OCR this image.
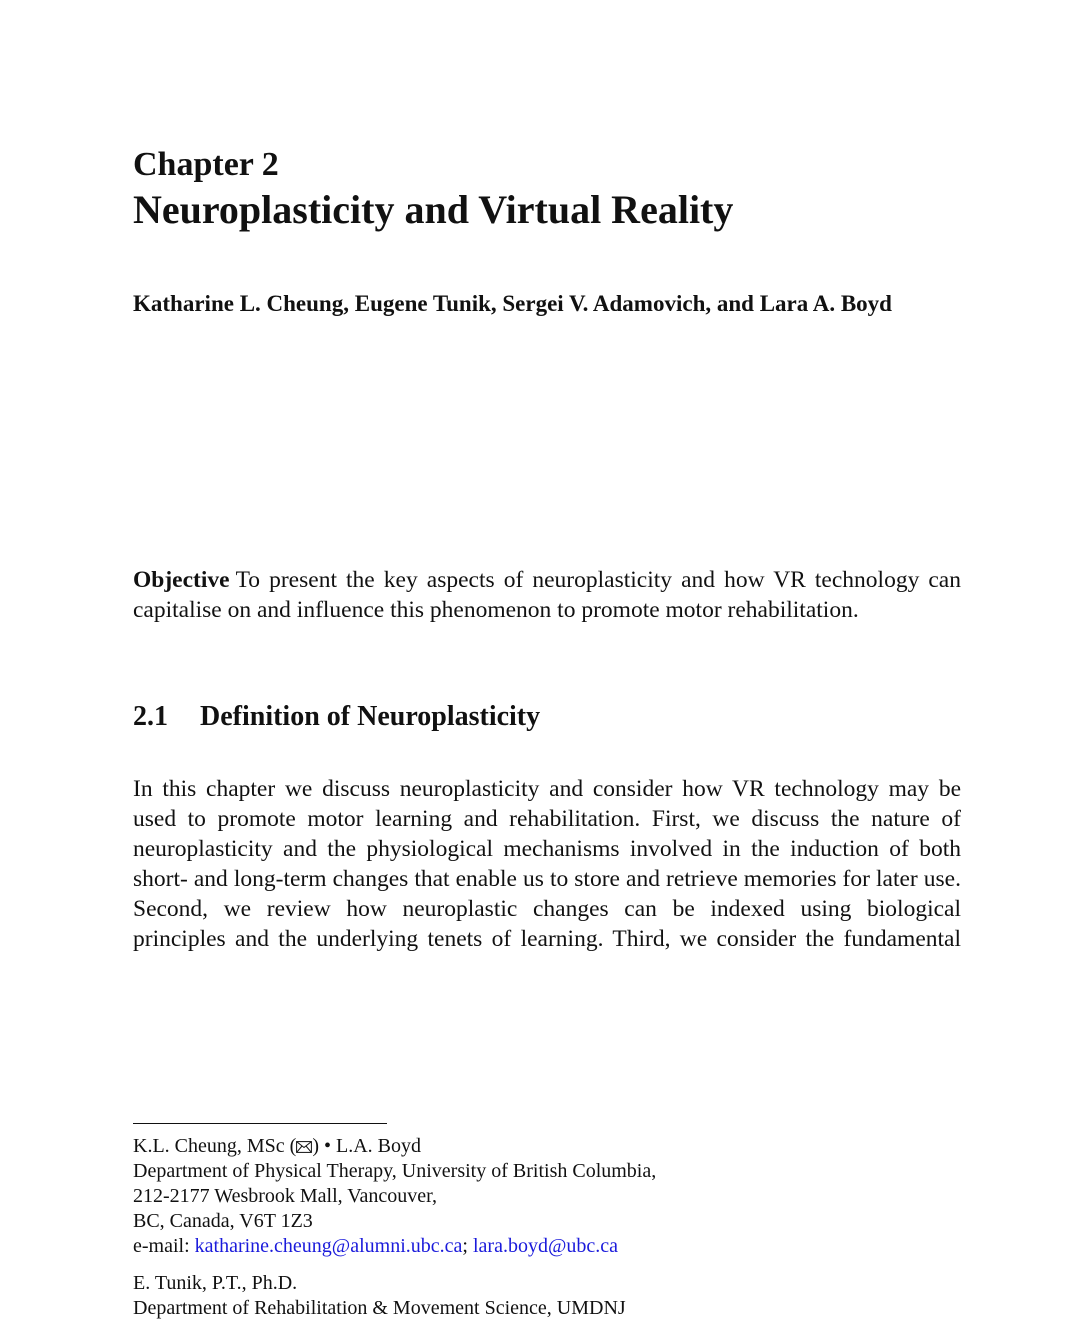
Chapter 2
Neuroplasticity and Virtual Reality
Katharine L. Cheung, Eugene Tunik, Sergei V. Adamovich, and Lara A. Boyd
Objective To present the key aspects of neuroplasticity and how VR technology can capitalise on and influence this phenomenon to promote motor rehabilitation.
2.1 Definition of Neuroplasticity
In this chapter we discuss neuroplasticity and consider how VR technology may be used to promote motor learning and rehabilitation. First, we discuss the nature of neuroplasticity and the physiological mechanisms involved in the induction of both short- and long-term changes that enable us to store and retrieve memories for later use. Second, we review how neuroplastic changes can be indexed using biological principles and the underlying tenets of learning. Third, we consider the fundamental
K.L. Cheung, MSc ( ) • L.A. Boyd
Department of Physical Therapy, University of British Columbia,
212-2177 Wesbrook Mall, Vancouver,
BC, Canada, V6T 1Z3
e-mail: katharine.cheung@alumni.ubc.ca; lara.boyd@ubc.ca
E. Tunik, P.T., Ph.D.
Department of Rehabilitation & Movement Science, UMDNJ
